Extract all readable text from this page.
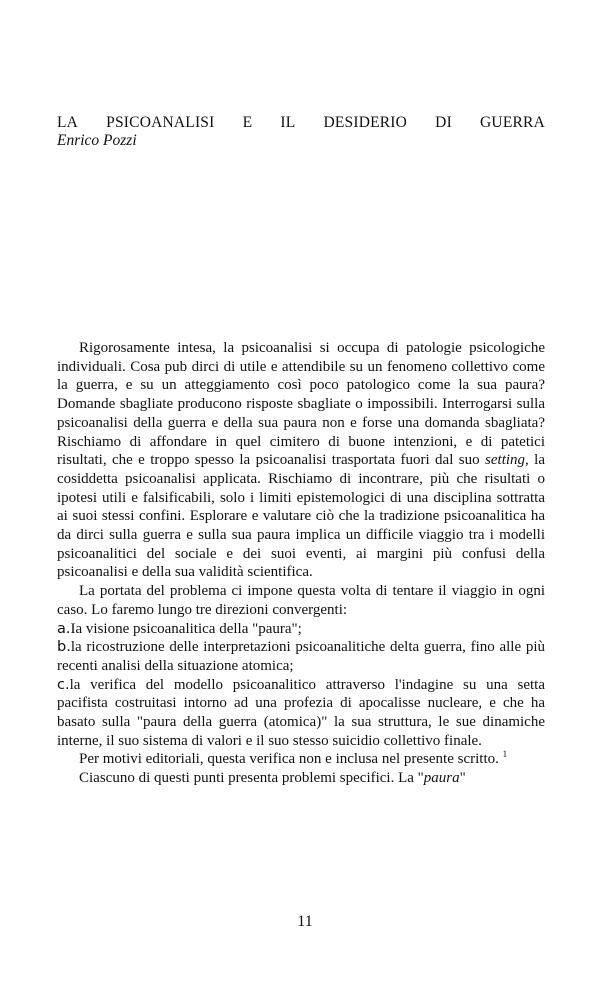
LA PSICOANALISI E IL DESIDERIO DI GUERRA
Enrico Pozzi

Rigorosamente intesa, la psicoanalisi si occupa di patologie psicologiche individuali. Cosa pub dirci di utile e attendibile su un fenomeno collettivo come la guerra, e su un atteggiamento così poco patologico come la sua paura? Domande sbagliate producono risposte sbagliate o impossibili. Interrogarsi sulla psicoanalisi della guerra e della sua paura non e forse una domanda sbagliata? Rischiamo di affondare in quel cimitero di buone intenzioni, e di patetici risultati, che e troppo spesso la psicoanalisi trasportata fuori dal suo setting, la cosiddetta psicoanalisi applicata. Rischiamo di incontrare, più che risultati o ipotesi utili e falsificabili, solo i limiti epistemologici di una disciplina sottratta ai suoi stessi confini. Esplorare e valutare ciò che la tradizione psicoanalitica ha da dirci sulla guerra e sulla sua paura implica un difficile viaggio tra i modelli psicoanalitici del sociale e dei suoi eventi, ai margini più confusi della psicoanalisi e della sua validità scientifica.

La portata del problema ci impone questa volta di tentare il viaggio in ogni caso. Lo faremo lungo tre direzioni convergenti:

a.Ia visione psicoanalitica della "paura";

b.la ricostruzione delle interpretazioni psicoanalitiche delta guerra, fino alle più recenti analisi della situazione atomica;

c.la verifica del modello psicoanalitico attraverso l'indagine su una setta pacifista costruitasi intorno ad una profezia di apocalisse nucleare, e che ha basato sulla "paura della guerra (atomica)" la sua struttura, le sue dinamiche interne, il suo sistema di valori e il suo stesso suicidio collettivo finale.

Per motivi editoriali, questa verifica non e inclusa nel presente scritto. $^1$

Ciascuno di questi punti presenta problemi specifici. La "paura"

11
